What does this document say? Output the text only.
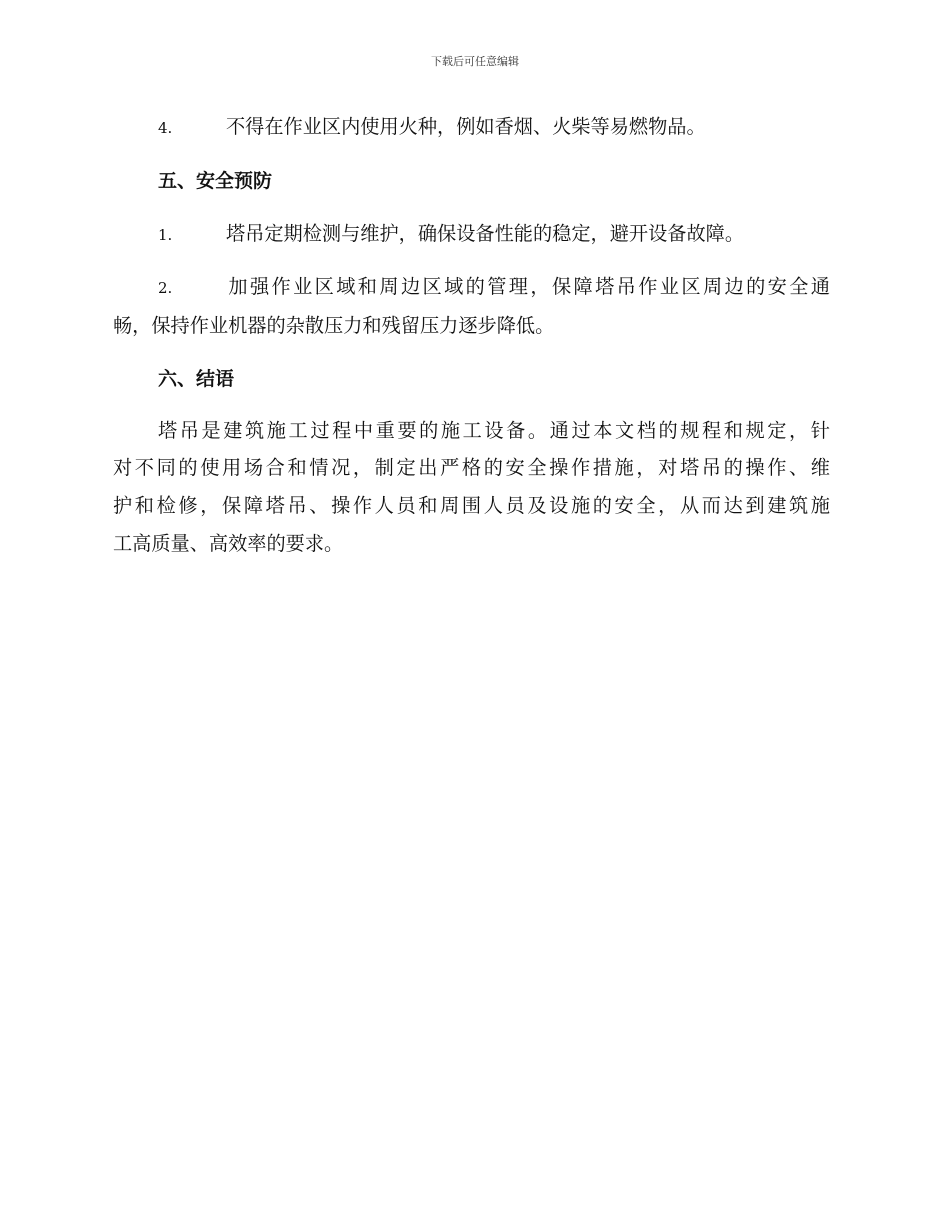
下载后可任意编辑
4.	不得在作业区内使用火种，例如香烟、火柴等易燃物品。
五、安全预防
1.	塔吊定期检测与维护，确保设备性能的稳定，避开设备故障。
2.	加强作业区域和周边区域的管理，保障塔吊作业区周边的安全通
畅，保持作业机器的杂散压力和残留压力逐步降低。
六、结语
塔吊是建筑施工过程中重要的施工设备。通过本文档的规程和规定，针
对不同的使用场合和情况，制定出严格的安全操作措施，对塔吊的操作、维
护和检修，保障塔吊、操作人员和周围人员及设施的安全，从而达到建筑施
工高质量、高效率的要求。
